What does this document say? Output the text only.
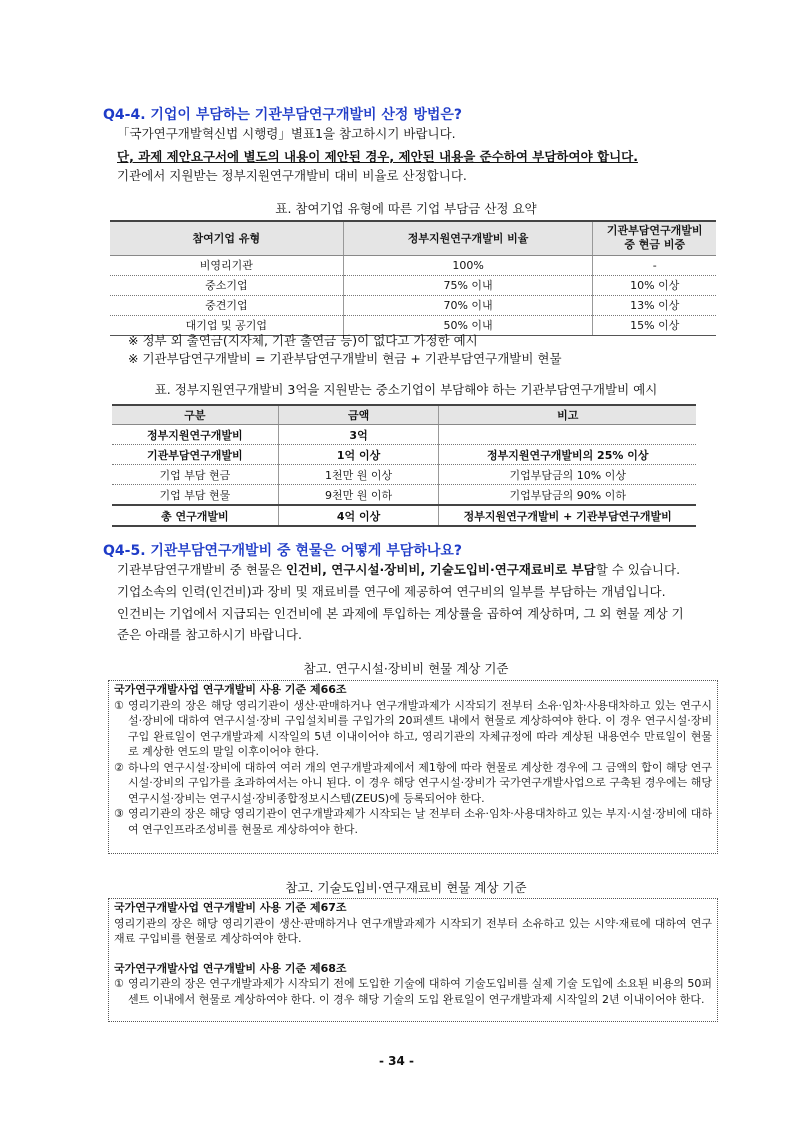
Q4-4. 기업이 부담하는 기관부담연구개발비 산정 방법은?
「국가연구개발혁신법 시행령」별표1을 참고하시기 바랍니다.
단, 과제 제안요구서에 별도의 내용이 제안된 경우, 제안된 내용을 준수하여 부담하여야 합니다.
기관에서 지원받는 정부지원연구개발비 대비 비율로 산정합니다.
표. 참여기업 유형에 따른 기업 부담금 산정 요약
참여기업 유형	정부지원연구개발비 비율	기관부담연구개발비
중 현금 비중
비영리기관	100%	-
중소기업	75% 이내	10% 이상
중견기업	70% 이내	13% 이상
대기업 및 공기업	50% 이내	15% 이상
※ 정부 외 출연금(지자체, 기관 출연금 등)이 없다고 가정한 예시
※ 기관부담연구개발비 = 기관부담연구개발비 현금 + 기관부담연구개발비 현물
표. 정부지원연구개발비 3억을 지원받는 중소기업이 부담해야 하는 기관부담연구개발비 예시
구분	금액	비고
정부지원연구개발비	3억	
기관부담연구개발비	1억 이상	정부지원연구개발비의 25% 이상
기업 부담 현금	1천만 원 이상	기업부담금의 10% 이상
기업 부담 현물	9천만 원 이하	기업부담금의 90% 이하
총 연구개발비	4억 이상	정부지원연구개발비 + 기관부담연구개발비
Q4-5. 기관부담연구개발비 중 현물은 어떻게 부담하나요?
기관부담연구개발비 중 현물은 인건비, 연구시설·장비비, 기술도입비·연구재료비로 부담할 수 있습니다.
기업소속의 인력(인건비)과 장비 및 재료비를 연구에 제공하여 연구비의 일부를 부담하는 개념입니다.
인건비는 기업에서 지급되는 인건비에 본 과제에 투입하는 계상률을 곱하여 계상하며, 그 외 현물 계상 기
준은 아래를 참고하시기 바랍니다.
참고. 연구시설·장비비 현물 계상 기준
국가연구개발사업 연구개발비 사용 기준 제66조
① 영리기관의 장은 해당 영리기관이 생산·판매하거나 연구개발과제가 시작되기 전부터 소유·임차·사용대차하고 있는 연구시설·장비에 대하여 연구시설·장비 구입설치비를 구입가의 20퍼센트 내에서 현물로 계상하여야 한다. 이 경우 연구시설·장비 구입 완료일이 연구개발과제 시작일의 5년 이내이어야 하고, 영리기관의 자체규정에 따라 계상된 내용연수 만료일이 현물로 계상한 연도의 말일 이후이어야 한다.
② 하나의 연구시설·장비에 대하여 여러 개의 연구개발과제에서 제1항에 따라 현물로 계상한 경우에 그 금액의 합이 해당 연구시설·장비의 구입가를 초과하여서는 아니 된다. 이 경우 해당 연구시설·장비가 국가연구개발사업으로 구축된 경우에는 해당 연구시설·장비는 연구시설·장비종합정보시스템(ZEUS)에 등록되어야 한다.
③ 영리기관의 장은 해당 영리기관이 연구개발과제가 시작되는 날 전부터 소유·임차·사용대차하고 있는 부지·시설·장비에 대하여 연구인프라조성비를 현물로 계상하여야 한다.
참고. 기술도입비·연구재료비 현물 계상 기준
국가연구개발사업 연구개발비 사용 기준 제67조
영리기관의 장은 해당 영리기관이 생산·판매하거나 연구개발과제가 시작되기 전부터 소유하고 있는 시약·재료에 대하여 연구재료 구입비를 현물로 계상하여야 한다.
국가연구개발사업 연구개발비 사용 기준 제68조
① 영리기관의 장은 연구개발과제가 시작되기 전에 도입한 기술에 대하여 기술도입비를 실제 기술 도입에 소요된 비용의 50퍼센트 이내에서 현물로 계상하여야 한다. 이 경우 해당 기술의 도입 완료일이 연구개발과제 시작일의 2년 이내이어야 한다.
- 34 -
